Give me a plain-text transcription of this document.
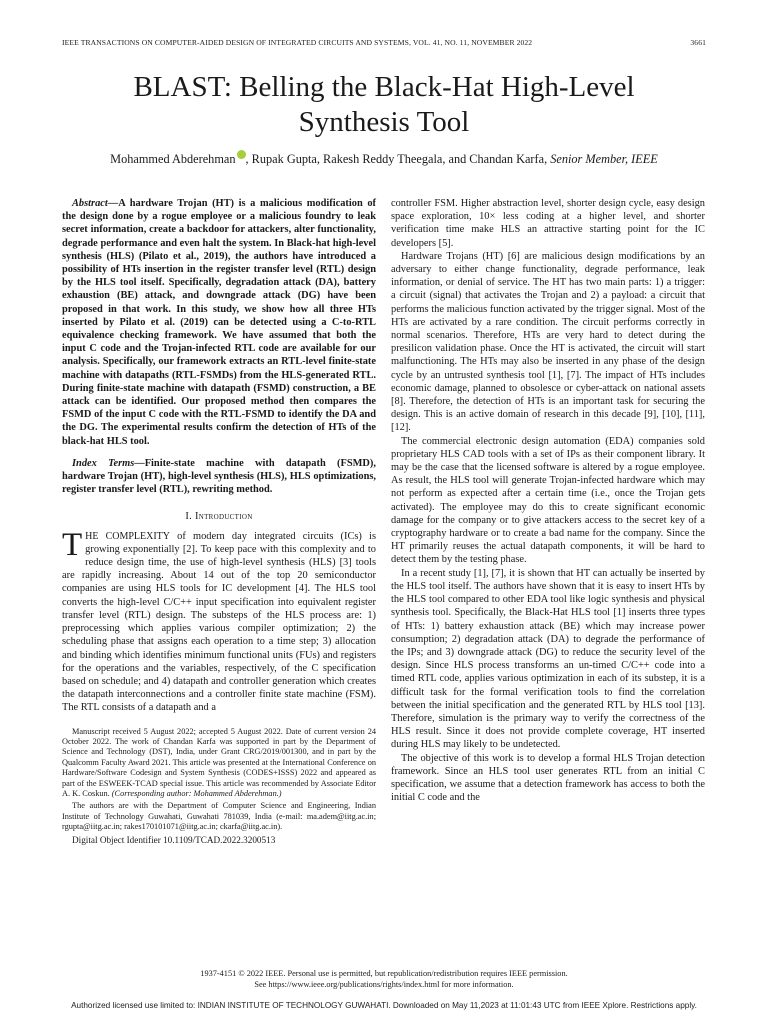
IEEE TRANSACTIONS ON COMPUTER-AIDED DESIGN OF INTEGRATED CIRCUITS AND SYSTEMS, VOL. 41, NO. 11, NOVEMBER 2022	3661
BLAST: Belling the Black-Hat High-Level
Synthesis Tool
Mohammed Abderehman , Rupak Gupta, Rakesh Reddy Theegala, and Chandan Karfa, Senior Member, IEEE

Abstract—A hardware Trojan (HT) is a malicious modification of the design done by a rogue employee or a malicious foundry to leak secret information, create a backdoor for attackers, alter functionality, degrade performance and even halt the system. In Black-hat high-level synthesis (HLS) (Pilato et al., 2019), the authors have introduced a possibility of HTs insertion in the register transfer level (RTL) design by the HLS tool itself. Specifically, degradation attack (DA), battery exhaustion (BE) attack, and downgrade attack (DG) have been proposed in that work. In this study, we show how all three HTs inserted by Pilato et al. (2019) can be detected using a C-to-RTL equivalence checking framework. We have assumed that both the input C code and the Trojan-infected RTL code are available for our analysis. Specifically, our framework extracts an RTL-level finite-state machine with datapaths (RTL-FSMDs) from the HLS-generated RTL. During finite-state machine with datapath (FSMD) construction, a BE attack can be identified. Our proposed method then compares the FSMD of the input C code with the RTL-FSMD to identify the DA and the DG. The experimental results confirm the detection of HTs of the black-hat HLS tool.

Index Terms—Finite-state machine with datapath (FSMD), hardware Trojan (HT), high-level synthesis (HLS), HLS optimizations, register transfer level (RTL), rewriting method.

I. Introduction

THE COMPLEXITY of modern day integrated circuits (ICs) is growing exponentially [2]. To keep pace with this complexity and to reduce design time, the use of high-level synthesis (HLS) [3] tools are rapidly increasing. About 14 out of the top 20 semiconductor companies are using HLS tools for IC development [4]. The HLS tool converts the high-level C/C++ input specification into equivalent register transfer level (RTL) design. The substeps of the HLS process are: 1) preprocessing which applies various compiler optimization; 2) the scheduling phase that assigns each operation to a time step; 3) allocation and binding which identifies minimum functional units (FUs) and registers for the operations and the variables, respectively, of the C specification based on schedule; and 4) datapath and controller generation which creates the datapath interconnections and a controller finite state machine (FSM). The RTL consists of a datapath and a

Manuscript received 5 August 2022; accepted 5 August 2022. Date of current version 24 October 2022. The work of Chandan Karfa was supported in part by the Department of Science and Technology (DST), India, under Grant CRG/2019/001300, and in part by the Qualcomm Faculty Award 2021. This article was presented at the International Conference on Hardware/Software Codesign and System Synthesis (CODES+ISSS) 2022 and appeared as part of the ESWEEK-TCAD special issue. This article was recommended by Associate Editor A. K. Coskun. (Corresponding author: Mohammed Abderehman.)

The authors are with the Department of Computer Science and Engineering, Indian Institute of Technology Guwahati, Guwahati 781039, India (e-mail: ma.adem@iitg.ac.in; rgupta@iitg.ac.in; rakes170101071@iitg.ac.in; ckarfa@iitg.ac.in).

Digital Object Identifier 10.1109/TCAD.2022.3200513

controller FSM. Higher abstraction level, shorter design cycle, easy design space exploration, 10× less coding at a higher level, and shorter verification time make HLS an attractive starting point for the IC developers [5].

Hardware Trojans (HT) [6] are malicious design modifications by an adversary to either change functionality, degrade performance, leak information, or denial of service. The HT has two main parts: 1) a trigger: a circuit (signal) that activates the Trojan and 2) a payload: a circuit that performs the malicious function activated by the trigger signal. Most of the HTs are activated by a rare condition. The circuit performs correctly in normal scenarios. Therefore, HTs are very hard to detect during the presilicon validation phase. Once the HT is activated, the circuit will start malfunctioning. The HTs may also be inserted in any phase of the design cycle by an untrusted synthesis tool [1], [7]. The impact of HTs includes economic damage, planned to obsolesce or cyber-attack on national assets [8]. Therefore, the detection of HTs is an important task for securing the design. This is an active domain of research in this decade [9], [10], [11], [12].

The commercial electronic design automation (EDA) companies sold proprietary HLS CAD tools with a set of IPs as their component library. It may be the case that the licensed software is altered by a rogue employee. As result, the HLS tool will generate Trojan-infected hardware which may not perform as expected after a certain time (i.e., once the Trojan gets activated). The employee may do this to create significant economic damage for the company or to give attackers access to the secret key of a cryptography hardware or to create a bad name for the company. Since the HT primarily reuses the actual datapath components, it will be hard to detect them by the testing phase.

In a recent study [1], [7], it is shown that HT can actually be inserted by the HLS tool itself. The authors have shown that it is easy to insert HTs by the HLS tool compared to other EDA tool like logic synthesis and physical synthesis tool. Specifically, the Black-Hat HLS tool [1] inserts three types of HTs: 1) battery exhaustion attack (BE) which may increase power consumption; 2) degradation attack (DA) to degrade the performance of the IPs; and 3) downgrade attack (DG) to reduce the security level of the design. Since HLS process transforms an un-timed C/C++ code into a timed RTL code, applies various optimization in each of its substep, it is a difficult task for the formal verification tools to find the correlation between the initial specification and the generated RTL by HLS tool [13]. Therefore, simulation is the primary way to verify the correctness of the HLS result. Since it does not provide complete coverage, HT inserted during HLS may likely to be undetected.

The objective of this work is to develop a formal HLS Trojan detection framework. Since an HLS tool user generates RTL from an initial C specification, we assume that a detection framework has access to both the initial C code and the

1937-4151 © 2022 IEEE. Personal use is permitted, but republication/redistribution requires IEEE permission.
See https://www.ieee.org/publications/rights/index.html for more information.
Authorized licensed use limited to: INDIAN INSTITUTE OF TECHNOLOGY GUWAHATI. Downloaded on May 11,2023 at 11:01:43 UTC from IEEE Xplore. Restrictions apply.
